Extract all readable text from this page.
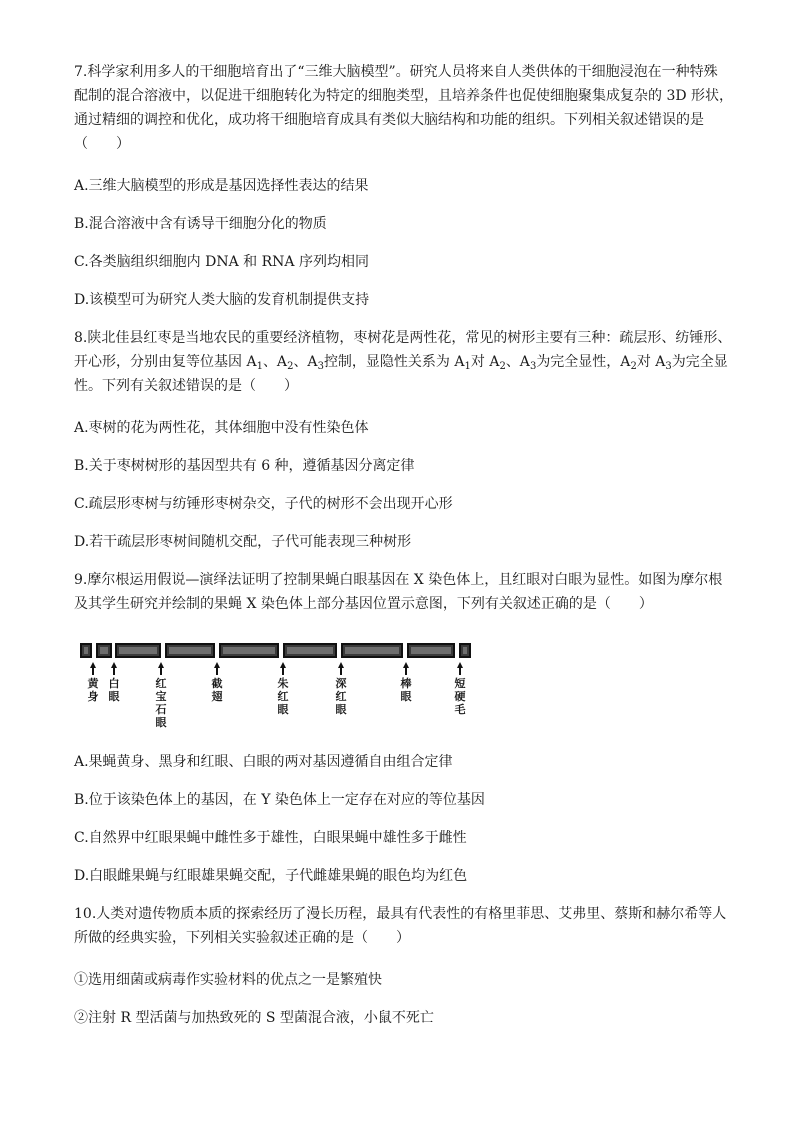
7.科学家利用多人的干细胞培育出了“三维大脑模型”。研究人员将来自人类供体的干细胞浸泡在一种特殊
配制的混合溶液中，以促进干细胞转化为特定的细胞类型，且培养条件也促使细胞聚集成复杂的 3D 形状，
通过精细的调控和优化，成功将干细胞培育成具有类似大脑结构和功能的组织。下列相关叙述错误的是
（　　）
A.三维大脑模型的形成是基因选择性表达的结果
B.混合溶液中含有诱导干细胞分化的物质
C.各类脑组织细胞内 DNA 和 RNA 序列均相同
D.该模型可为研究人类大脑的发育机制提供支持
8.陕北佳县红枣是当地农民的重要经济植物，枣树花是两性花，常见的树形主要有三种：疏层形、纺锤形、
开心形，分别由复等位基因 $A_1$、$A_2$、$A_3$控制，显隐性关系为 $A_1$对 $A_2$、$A_3$为完全显性，$A_2$对 $A_3$为完全显
性。下列有关叙述错误的是（　　）
A.枣树的花为两性花，其体细胞中没有性染色体
B.关于枣树树形的基因型共有 6 种，遵循基因分离定律
C.疏层形枣树与纺锤形枣树杂交，子代的树形不会出现开心形
D.若干疏层形枣树间随机交配，子代可能表现三种树形
9.摩尔根运用假说—演绎法证明了控制果蝇白眼基因在 X 染色体上，且红眼对白眼为显性。如图为摩尔根
及其学生研究并绘制的果蝇 X 染色体上部分基因位置示意图，下列有关叙述正确的是（　　）
黄身
白眼
红宝石眼
截翅
朱红眼
深红眼
棒眼
短硬毛
A.果蝇黄身、黑身和红眼、白眼的两对基因遵循自由组合定律
B.位于该染色体上的基因，在 Y 染色体上一定存在对应的等位基因
C.自然界中红眼果蝇中雌性多于雄性，白眼果蝇中雄性多于雌性
D.白眼雌果蝇与红眼雄果蝇交配，子代雌雄果蝇的眼色均为红色
10.人类对遗传物质本质的探索经历了漫长历程，最具有代表性的有格里菲思、艾弗里、蔡斯和赫尔希等人
所做的经典实验，下列相关实验叙述正确的是（　　）
①选用细菌或病毒作实验材料的优点之一是繁殖快
②注射 R 型活菌与加热致死的 S 型菌混合液，小鼠不死亡
